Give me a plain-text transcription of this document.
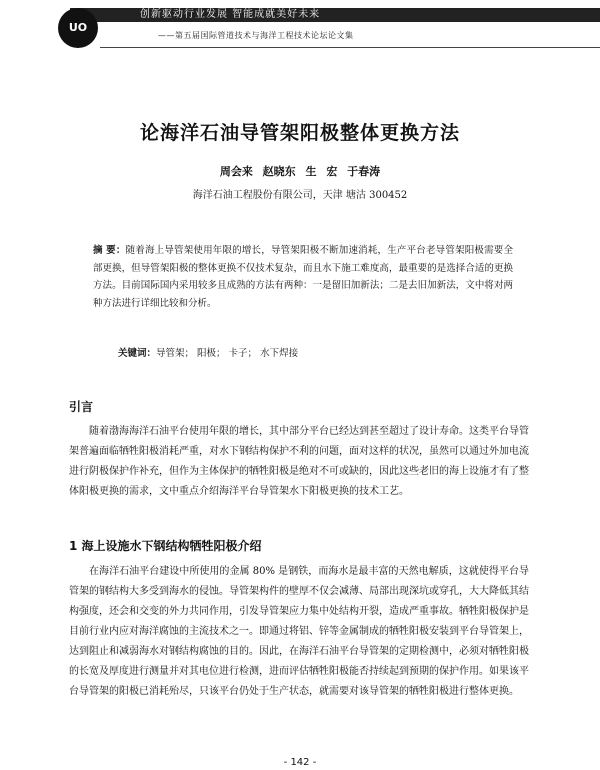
创新驱动行业发展 智能成就美好未来
UO
——第五届国际管道技术与海洋工程技术论坛论文集
论海洋石油导管架阳极整体更换方法
周会来 赵晓东 生 宏 于春涛
海洋石油工程股份有限公司，天津 塘沽 300452
摘 要：随着海上导管架使用年限的增长，导管架阳极不断加速消耗，生产平台老导管架阳极需要全部更换，但导管架阳极的整体更换不仅技术复杂，而且水下施工难度高，最重要的是选择合适的更换方法。目前国际国内采用较多且成熟的方法有两种：一是留旧加新法；二是去旧加新法，文中将对两种方法进行详细比较和分析。
关键词：导管架； 阳极； 卡子； 水下焊接
引言
随着渤海海洋石油平台使用年限的增长，其中部分平台已经达到甚至超过了设计寿命。这类平台导管架普遍面临牺牲阳极消耗严重，对水下钢结构保护不利的问题，面对这样的状况，虽然可以通过外加电流进行阴极保护作补充，但作为主体保护的牺牲阳极是绝对不可或缺的，因此这些老旧的海上设施才有了整体阳极更换的需求，文中重点介绍海洋平台导管架水下阳极更换的技术工艺。
1 海上设施水下钢结构牺牲阳极介绍
在海洋石油平台建设中所使用的金属 80% 是钢铁，而海水是最丰富的天然电解质，这就使得平台导管架的钢结构大多受到海水的侵蚀。导管架构件的壁厚不仅会减薄、局部出现深坑或穿孔，大大降低其结构强度，还会和交变的外力共同作用，引发导管架应力集中处结构开裂，造成严重事故。牺牲阳极保护是目前行业内应对海洋腐蚀的主流技术之一。即通过将铝、锌等金属制成的牺牲阳极安装到平台导管架上，达到阻止和减弱海水对钢结构腐蚀的目的。因此，在海洋石油平台导管架的定期检测中，必须对牺牲阳极的长宽及厚度进行测量并对其电位进行检测，进而评估牺牲阳极能否持续起到预期的保护作用。如果该平台导管架的阳极已消耗殆尽，只该平台仍处于生产状态，就需要对该导管架的牺牲阳极进行整体更换。
- 142 -
